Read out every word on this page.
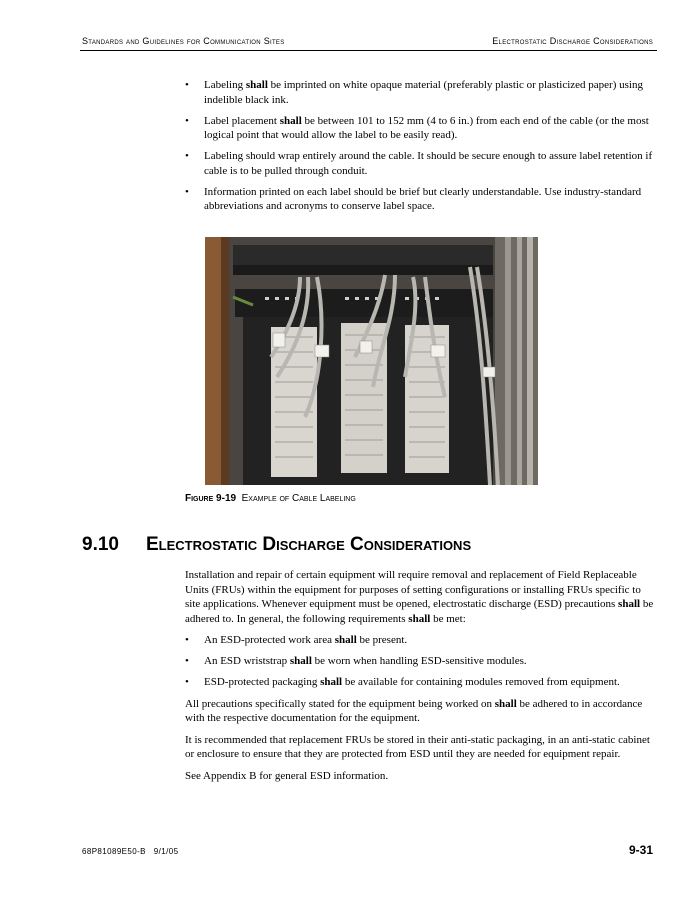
Standards and Guidelines for Communication Sites	Electrostatic Discharge Considerations
• Labeling shall be imprinted on white opaque material (preferably plastic or plasticized paper) using indelible black ink.
• Label placement shall be between 101 to 152 mm (4 to 6 in.) from each end of the cable (or the most logical point that would allow the label to be easily read).
• Labeling should wrap entirely around the cable. It should be secure enough to assure label retention if cable is to be pulled through conduit.
• Information printed on each label should be brief but clearly understandable. Use industry-standard abbreviations and acronyms to conserve label space.
Figure 9-19 Example of Cable Labeling
9.10 Electrostatic Discharge Considerations

Installation and repair of certain equipment will require removal and replacement of Field Replaceable Units (FRUs) within the equipment for purposes of setting configurations or installing FRUs specific to site applications. Whenever equipment must be opened, electrostatic discharge (ESD) precautions shall be adhered to. In general, the following requirements shall be met:

• An ESD-protected work area shall be present.
• An ESD wriststrap shall be worn when handling ESD-sensitive modules.
• ESD-protected packaging shall be available for containing modules removed from equipment.

All precautions specifically stated for the equipment being worked on shall be adhered to in accordance with the respective documentation for the equipment.

It is recommended that replacement FRUs be stored in their anti-static packaging, in an anti-static cabinet or enclosure to ensure that they are protected from ESD until they are needed for equipment repair.

See Appendix B for general ESD information.

68P81089E50-B   9/1/05	9-31
